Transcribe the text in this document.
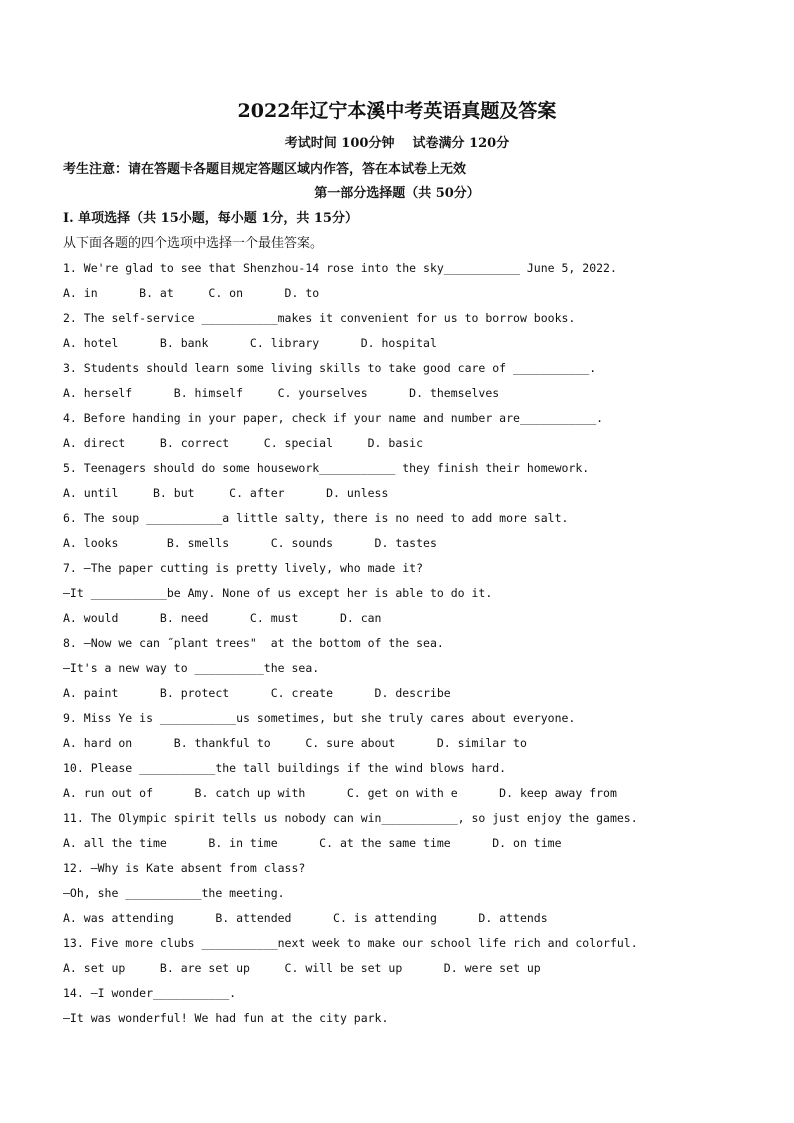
2022年辽宁本溪中考英语真题及答案
考试时间 100分钟    试卷满分 120分
考生注意：请在答题卡各题目规定答题区域内作答，答在本试卷上无效
第一部分选择题（共 50分）
I. 单项选择（共 15小题，每小题 1分，共 15分）
从下面各题的四个选项中选择一个最佳答案。
1. We're glad to see that Shenzhou-14 rose into the sky___________ June 5, 2022.
A. in      B. at     C. on      D. to
2. The self-service ___________makes it convenient for us to borrow books.
A. hotel      B. bank      C. library      D. hospital
3. Students should learn some living skills to take good care of ___________.
A. herself      B. himself     C. yourselves      D. themselves
4. Before handing in your paper, check if your name and number are___________.
A. direct     B. correct     C. special     D. basic
5. Teenagers should do some housework___________ they finish their homework.
A. until     B. but     C. after      D. unless
6. The soup ___________a little salty, there is no need to add more salt.
A. looks       B. smells      C. sounds      D. tastes
7. —The paper cutting is pretty lively, who made it?
—It ___________be Amy. None of us except her is able to do it.
A. would      B. need      C. must      D. can
8. —Now we can ˝plant trees"  at the bottom of the sea.
—It's a new way to __________the sea.
A. paint      B. protect      C. create      D. describe
9. Miss Ye is ___________us sometimes, but she truly cares about everyone.
A. hard on      B. thankful to     C. sure about      D. similar to
10. Please ___________the tall buildings if the wind blows hard.
A. run out of      B. catch up with      C. get on with e      D. keep away from
11. The Olympic spirit tells us nobody can win___________, so just enjoy the games.
A. all the time      B. in time      C. at the same time      D. on time
12. —Why is Kate absent from class?
—Oh, she ___________the meeting.
A. was attending      B. attended      C. is attending      D. attends
13. Five more clubs ___________next week to make our school life rich and colorful.
A. set up     B. are set up     C. will be set up      D. were set up
14. —I wonder___________.
—It was wonderful! We had fun at the city park.
